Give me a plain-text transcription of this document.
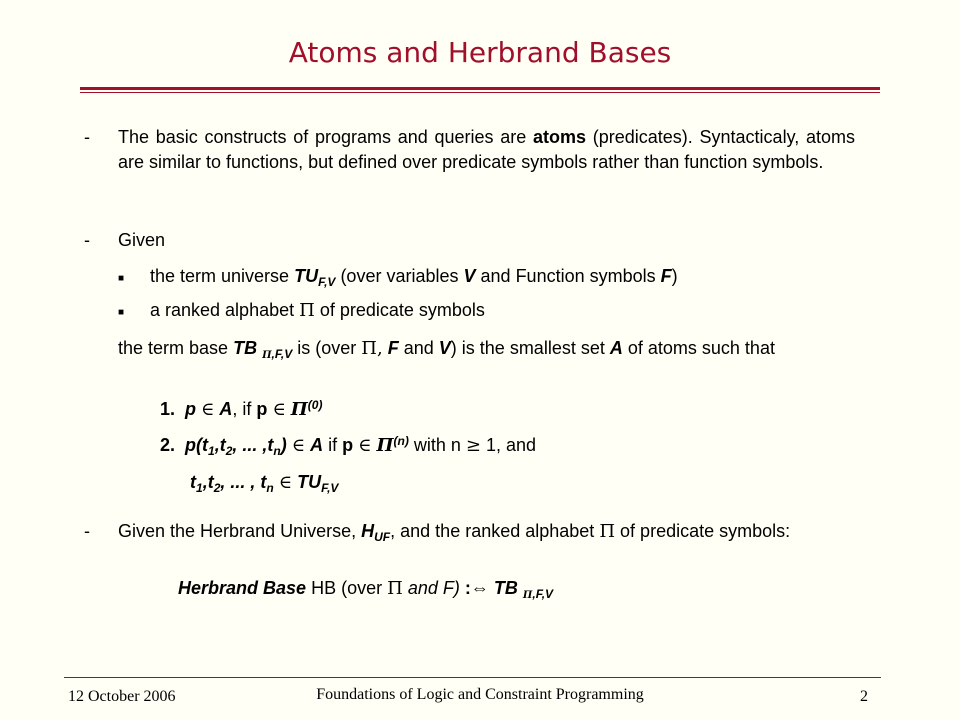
Atoms and Herbrand Bases
- The basic constructs of programs and queries are atoms (predicates). Syntacticaly, atoms are similar to functions, but defined over predicate symbols rather than function symbols.
- Given
■ the term universe $TU_{F,V}$ (over variables V and Function symbols F)
■ a ranked alphabet Π of predicate symbols
the term base TB $_{\Pi,F,V}$ is (over Π, F and V) is the smallest set A of atoms such that
1. p ∈ A, if p ∈ $\Pi^{(0)}$
2. $p(t_1,t_2$, ... $,t_n$) ∈ A if p ∈ $\Pi^{(n)}$ with n ≥ 1, and
$t_1,t_2$, ... , $t_n$ ∈ $TU_{F,V}$
- Given the Herbrand Universe, $H_{UF}$, and the ranked alphabet Π of predicate symbols:
Herbrand Base HB (over Π and F) :⇔ TB $_{\Pi,F,V}$
12 October 2006	Foundations of Logic and Constraint Programming	2
